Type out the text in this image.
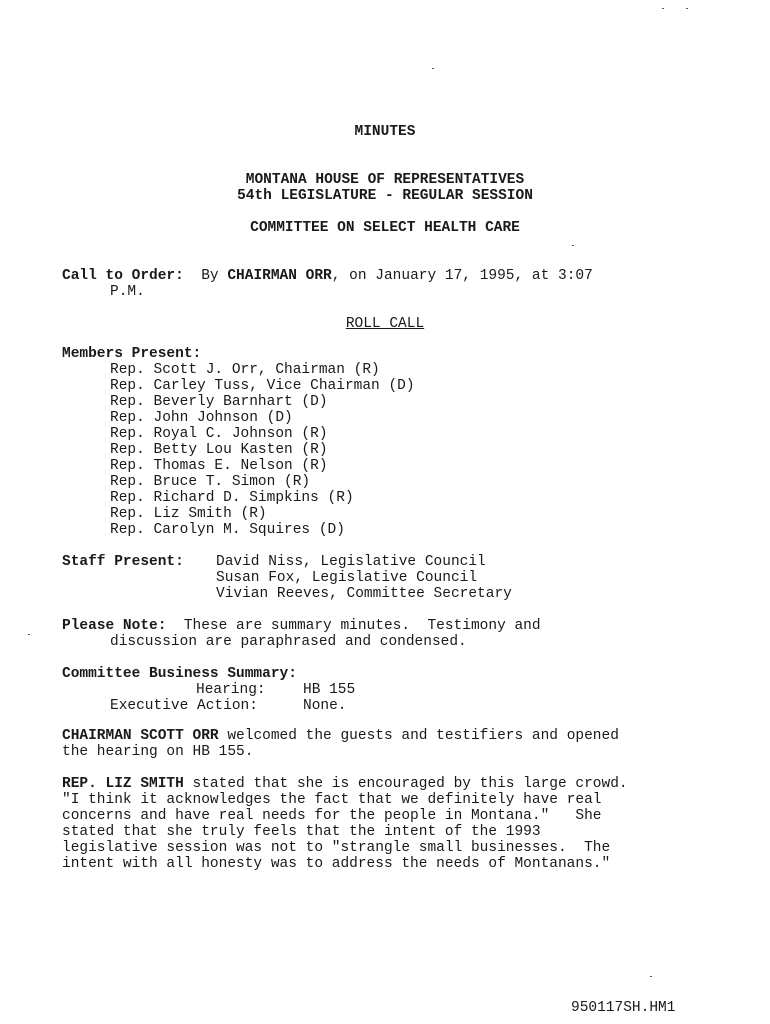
MINUTES
MONTANA HOUSE OF REPRESENTATIVES
54th LEGISLATURE - REGULAR SESSION
COMMITTEE ON SELECT HEALTH CARE
Call to Order: By CHAIRMAN ORR, on January 17, 1995, at 3:07
P.M.
ROLL CALL
Members Present:
Rep. Scott J. Orr, Chairman (R)
Rep. Carley Tuss, Vice Chairman (D)
Rep. Beverly Barnhart (D)
Rep. John Johnson (D)
Rep. Royal C. Johnson (R)
Rep. Betty Lou Kasten (R)
Rep. Thomas E. Nelson (R)
Rep. Bruce T. Simon (R)
Rep. Richard D. Simpkins (R)
Rep. Liz Smith (R)
Rep. Carolyn M. Squires (D)
Staff Present: David Niss, Legislative Council
Susan Fox, Legislative Council
Vivian Reeves, Committee Secretary
Please Note: These are summary minutes.  Testimony and
discussion are paraphrased and condensed.
Committee Business Summary:
Hearing:	HB 155
Executive Action:	None.
CHAIRMAN SCOTT ORR welcomed the guests and testifiers and opened
the hearing on HB 155.
REP. LIZ SMITH stated that she is encouraged by this large crowd.
"I think it acknowledges the fact that we definitely have real
concerns and have real needs for the people in Montana."   She
stated that she truly feels that the intent of the 1993
legislative session was not to "strangle small businesses.  The
intent with all honesty was to address the needs of Montanans."
950117SH.HM1
